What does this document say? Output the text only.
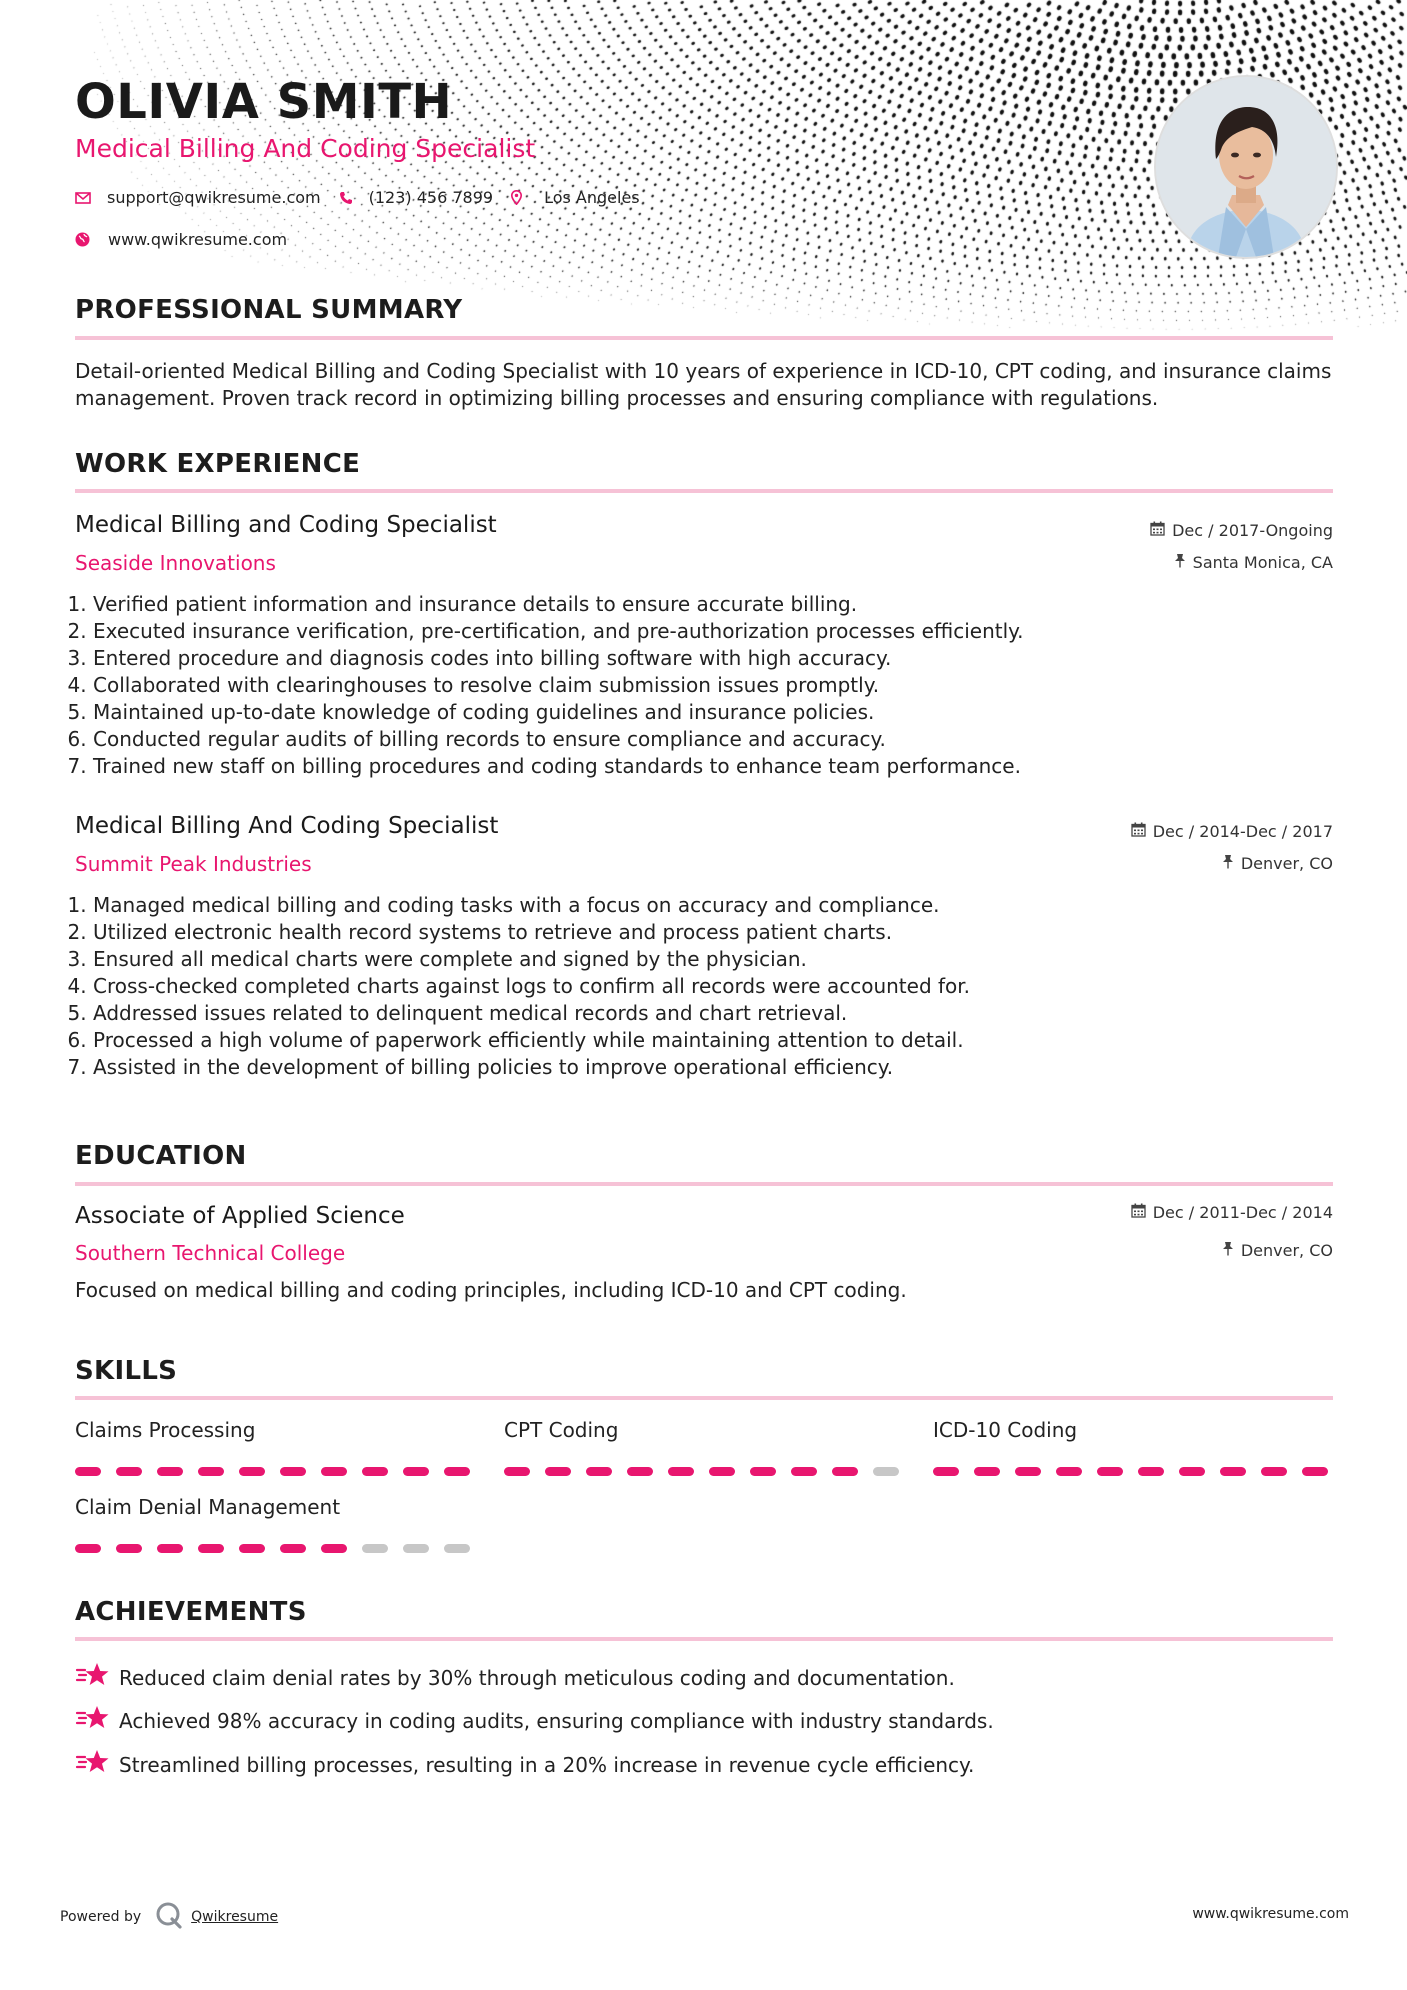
OLIVIA SMITH
Medical Billing And Coding Specialist
support@qwikresume.com	(123) 456 7899	Los Angeles
www.qwikresume.com
PROFESSIONAL SUMMARY
Detail-oriented Medical Billing and Coding Specialist with 10 years of experience in ICD-10, CPT coding, and insurance claims management. Proven track record in optimizing billing processes and ensuring compliance with regulations.
WORK EXPERIENCE
Medical Billing and Coding Specialist	Dec / 2017-Ongoing
Seaside Innovations	Santa Monica, CA
1. Verified patient information and insurance details to ensure accurate billing.
2. Executed insurance verification, pre-certification, and pre-authorization processes efficiently.
3. Entered procedure and diagnosis codes into billing software with high accuracy.
4. Collaborated with clearinghouses to resolve claim submission issues promptly.
5. Maintained up-to-date knowledge of coding guidelines and insurance policies.
6. Conducted regular audits of billing records to ensure compliance and accuracy.
7. Trained new staff on billing procedures and coding standards to enhance team performance.
Medical Billing And Coding Specialist	Dec / 2014-Dec / 2017
Summit Peak Industries	Denver, CO
1. Managed medical billing and coding tasks with a focus on accuracy and compliance.
2. Utilized electronic health record systems to retrieve and process patient charts.
3. Ensured all medical charts were complete and signed by the physician.
4. Cross-checked completed charts against logs to confirm all records were accounted for.
5. Addressed issues related to delinquent medical records and chart retrieval.
6. Processed a high volume of paperwork efficiently while maintaining attention to detail.
7. Assisted in the development of billing policies to improve operational efficiency.
EDUCATION
Associate of Applied Science	Dec / 2011-Dec / 2014
Southern Technical College	Denver, CO
Focused on medical billing and coding principles, including ICD-10 and CPT coding.
SKILLS
Claims Processing	CPT Coding	ICD-10 Coding
Claim Denial Management
ACHIEVEMENTS
Reduced claim denial rates by 30% through meticulous coding and documentation.
Achieved 98% accuracy in coding audits, ensuring compliance with industry standards.
Streamlined billing processes, resulting in a 20% increase in revenue cycle efficiency.
Powered by	Qwikresume	www.qwikresume.com
